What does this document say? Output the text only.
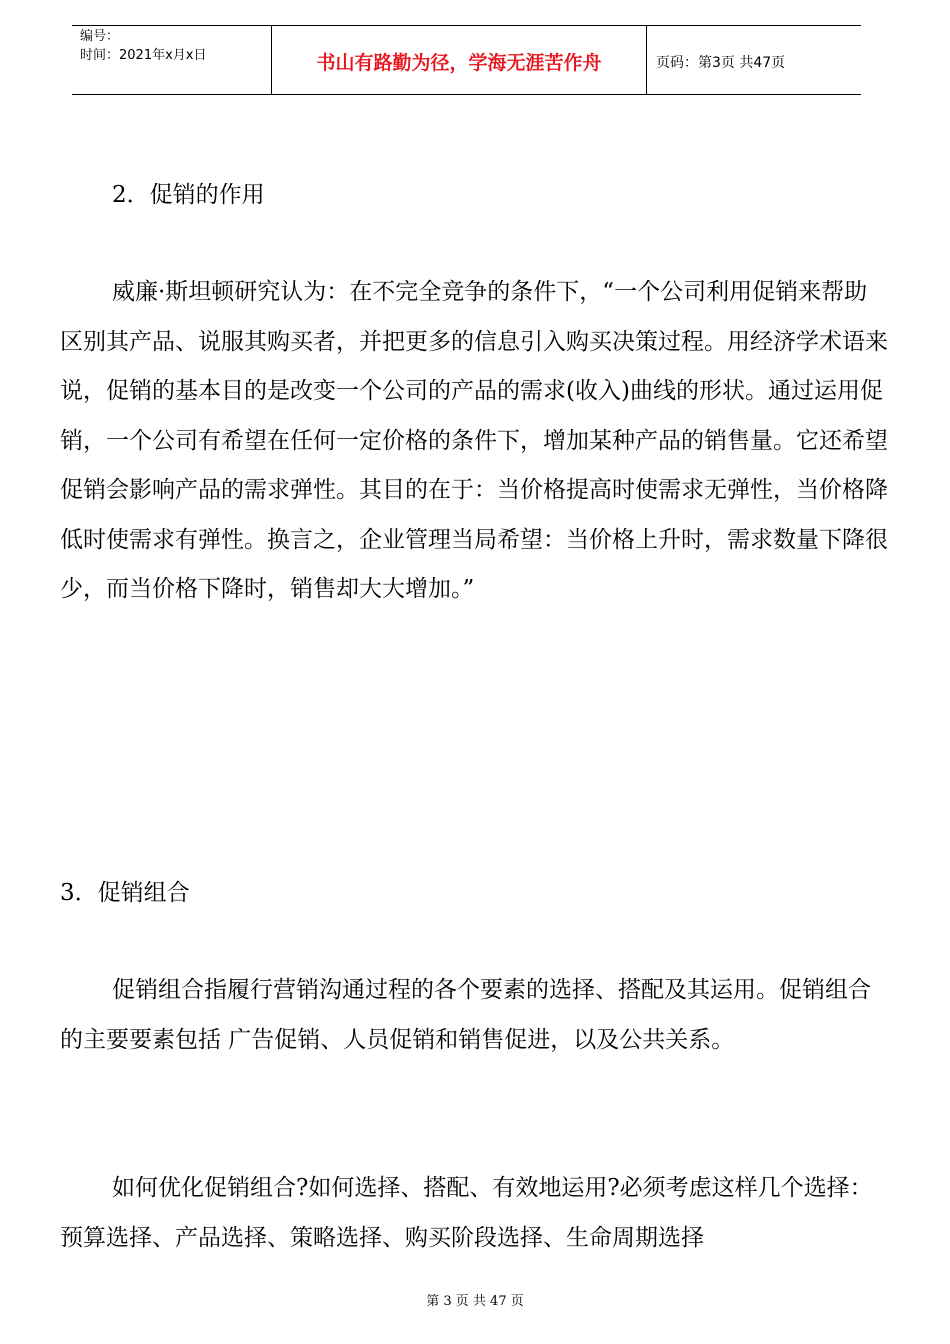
编号：
时间：2021年x月x日	书山有路勤为径，学海无涯苦作舟	页码：第3页 共47页
2．促销的作用

威廉·斯坦顿研究认为：在不完全竞争的条件下，“一个公司利用促销来帮助区别其产品、说服其购买者，并把更多的信息引入购买决策过程。用经济学术语来说，促销的基本目的是改变一个公司的产品的需求(收入)曲线的形状。通过运用促销，一个公司有希望在任何一定价格的条件下，增加某种产品的销售量。它还希望促销会影响产品的需求弹性。其目的在于：当价格提高时使需求无弹性，当价格降低时使需求有弹性。换言之，企业管理当局希望：当价格上升时，需求数量下降很少，而当价格下降时，销售却大大增加。”

3．促销组合

促销组合指履行营销沟通过程的各个要素的选择、搭配及其运用。促销组合的主要要素包括 广告促销、人员促销和销售促进，以及公共关系。

如何优化促销组合?如何选择、搭配、有效地运用?必须考虑这样几个选择：预算选择、产品选择、策略选择、购买阶段选择、生命周期选择

第 3 页 共 47 页
